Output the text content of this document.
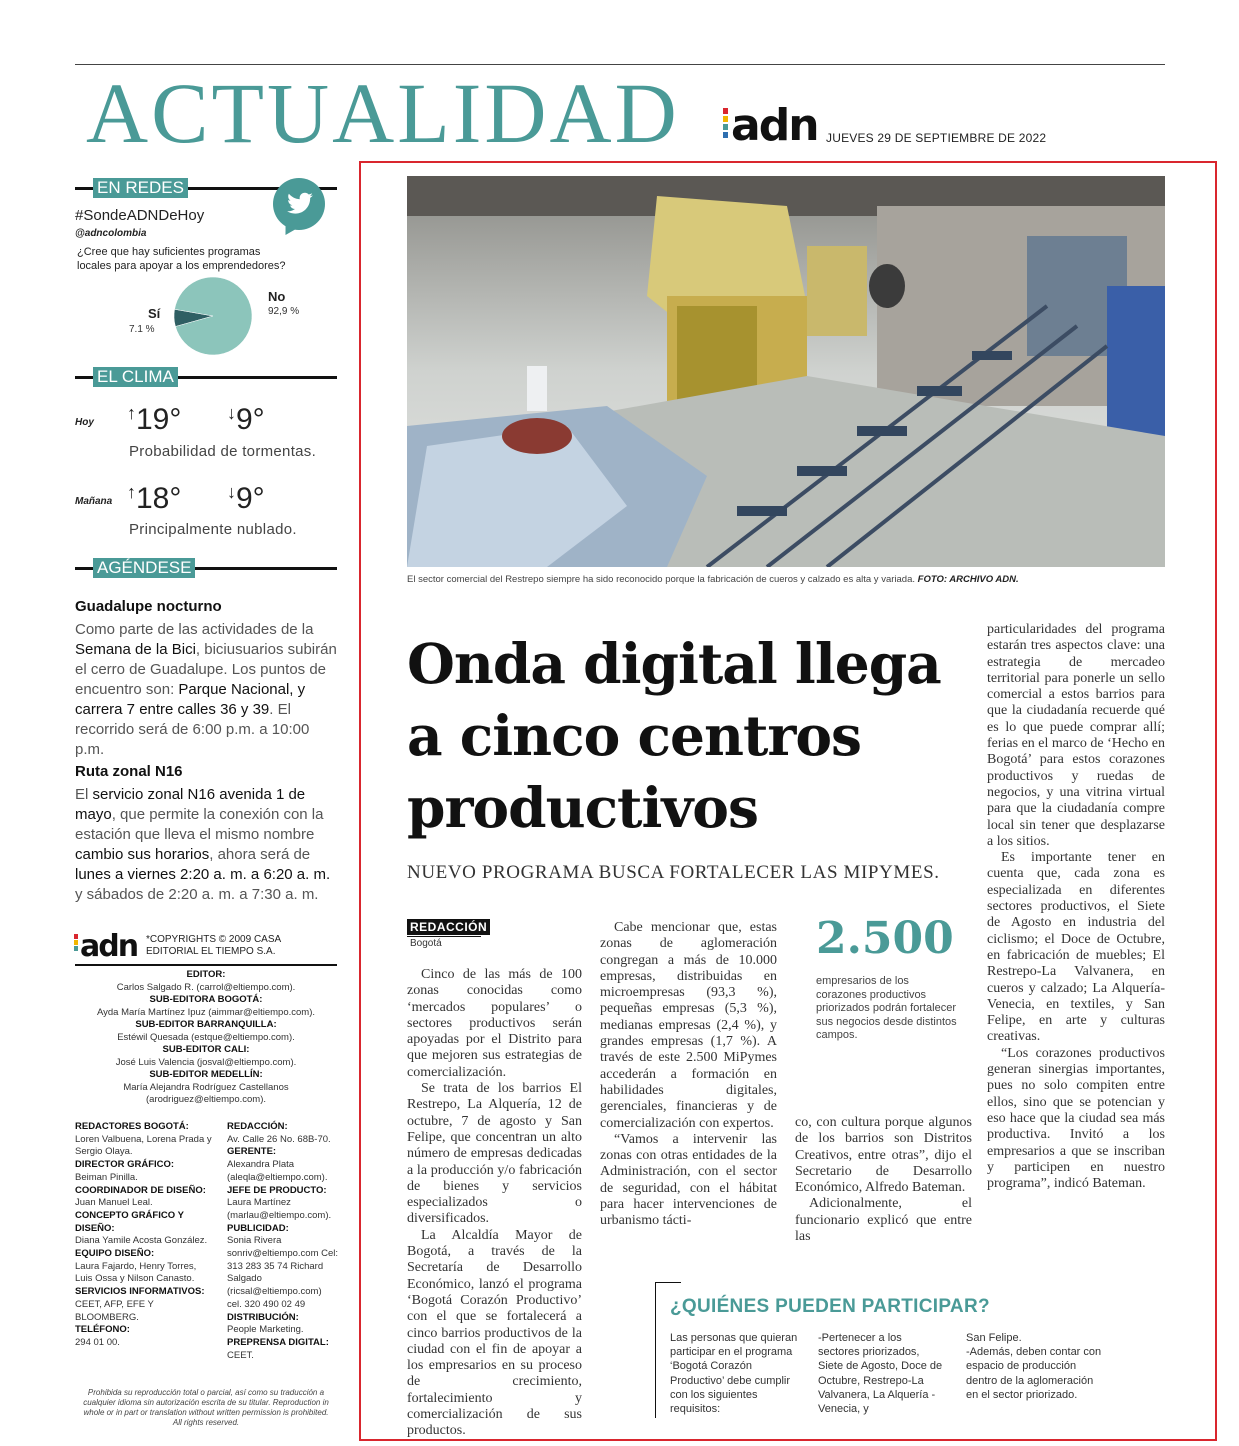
ACTUALIDAD adn JUEVES 29 DE SEPTIEMBRE DE 2022
EN REDES
#SondeADNDeHoy
@adncolombia
¿Cree que hay suficientes programas locales para apoyar a los emprendedores?
Sí
7.1 %
No
92,9 %
EL CLIMA
Hoy ↑19°	↓9°
Probabilidad de tormentas.
Mañana ↑18°	↓9°
Principalmente nublado.
AGÉNDESE
Guadalupe nocturno
Como parte de las actividades de la Semana de la Bici, biciusuarios subirán el cerro de Guadalupe. Los puntos de encuentro son: Parque Nacional, y carrera 7 entre calles 36 y 39. El recorrido será de 6:00 p.m. a 10:00 p.m.
Ruta zonal N16
El servicio zonal N16 avenida 1 de mayo, que permite la conexión con la estación que lleva el mismo nombre cambio sus horarios, ahora será de lunes a viernes 2:20 a. m. a 6:20 a. m. y sábados de 2:20 a. m. a 7:30 a. m.
adn *COPYRIGHTS © 2009 CASA EDITORIAL EL TIEMPO S.A.
EDITOR:
Carlos Salgado R. (carrol@eltiempo.com).
SUB-EDITORA BOGOTÁ:
Ayda María Martínez Ipuz (aimmar@eltiempo.com).
SUB-EDITOR BARRANQUILLA:
Estéwil Quesada (estque@eltiempo.com).
SUB-EDITOR CALI:
José Luis Valencia (josval@eltiempo.com).
SUB-EDITOR MEDELLÍN:
María Alejandra Rodríguez Castellanos (arodriguez@eltiempo.com).
REDACTORES BOGOTÁ:
Loren Valbuena, Lorena Prada y Sergio Olaya.
DIRECTOR GRÁFICO:
Beiman Pinilla.
COORDINADOR DE DISEÑO:
Juan Manuel Leal.
CONCEPTO GRÁFICO Y DISEÑO:
Diana Yamile Acosta González.
EQUIPO DISEÑO:
Laura Fajardo, Henry Torres, Luis Ossa y Nilson Canasto.
SERVICIOS INFORMATIVOS:
CEET, AFP, EFE Y BLOOMBERG.
TELÉFONO:
294 01 00.
REDACCIÓN:
Av. Calle 26 No. 68B-70.
GERENTE:
Alexandra Plata (aleqla@eltiempo.com).
JEFE DE PRODUCTO:
Laura Martínez (marlau@eltiempo.com).
PUBLICIDAD:
Sonia Rivera sonriv@eltiempo.com Cel: 313 283 35 74 Richard Salgado (ricsal@eltiempo.com) cel. 320 490 02 49
DISTRIBUCIÓN:
People Marketing.
PREPRENSA DIGITAL:
CEET.
Prohibida su reproducción total o parcial, así como su traducción a cualquier idioma sin autorización escrita de su titular. Reproduction in whole or in part or translation without written permission is prohibited. All rights reserved.
El sector comercial del Restrepo siempre ha sido reconocido porque la fabricación de cueros y calzado es alta y variada. FOTO: ARCHIVO ADN.
Onda digital llega a cinco centros productivos
NUEVO PROGRAMA BUSCA FORTALECER LAS MIPYMES.
REDACCIÓN
Bogotá

Cinco de las más de 100 zonas conocidas como ‘mercados populares’ o sectores productivos serán apoyadas por el Distrito para que mejoren sus estrategias de comercialización.

Se trata de los barrios El Restrepo, La Alquería, 12 de octubre, 7 de agosto y San Felipe, que concentran un alto número de empresas dedicadas a la producción y/o fabricación de bienes y servicios especializados o diversificados.

La Alcaldía Mayor de Bogotá, a través de la Secretaría de Desarrollo Económico, lanzó el programa ‘Bogotá Corazón Productivo’ con el que se fortalecerá a cinco barrios productivos de la ciudad con el fin de apoyar a los empresarios en su proceso de crecimiento, fortalecimiento y comercialización de sus productos.

Cabe mencionar que, estas zonas de aglomeración congregan a más de 10.000 empresas, distribuidas en microempresas (93,3 %), pequeñas empresas (5,3 %), medianas empresas (2,4 %), y grandes empresas (1,7 %). A través de este 2.500 MiPymes accederán a formación en habilidades digitales, gerenciales, financieras y de comercialización con expertos.

“Vamos a intervenir las zonas con otras entidades de la Administración, con el sector de seguridad, con el hábitat para hacer intervenciones de urbanismo tácti-

co, con cultura porque algunos de los barrios son Distritos Creativos, entre otras”, dijo el Secretario de Desarrollo Económico, Alfredo Bateman.

Adicionalmente, el funcionario explicó que entre las

particularidades del programa estarán tres aspectos clave: una estrategia de mercadeo territorial para ponerle un sello comercial a estos barrios para que la ciudadanía recuerde qué es lo que puede comprar allí; ferias en el marco de ‘Hecho en Bogotá’ para estos corazones productivos y ruedas de negocios, y una vitrina virtual para que la ciudadanía compre local sin tener que desplazarse a los sitios.

Es importante tener en cuenta que, cada zona es especializada en diferentes sectores productivos, el Siete de Agosto en industria del ciclismo; el Doce de Octubre, en fabricación de muebles; El Restrepo-La Valvanera, en cueros y calzado; La Alquería-Venecia, en textiles, y San Felipe, en arte y culturas creativas.

“Los corazones productivos generan sinergias importantes, pues no solo compiten entre ellos, sino que se potencian y eso hace que la ciudad sea más productiva. Invitó a los empresarios a que se inscriban y participen en nuestro programa”, indicó Bateman.

2.500
empresarios de los corazones productivos priorizados podrán fortalecer sus negocios desde distintos campos.
¿QUIÉNES PUEDEN PARTICIPAR?
Las personas que quieran participar en el programa ‘Bogotá Corazón Productivo’ debe cumplir con los siguientes requisitos:
-Pertenecer a los sectores priorizados, Siete de Agosto, Doce de Octubre, Restrepo-La Valvanera, La Alquería - Venecia, y
San Felipe.
-Además, deben contar con espacio de producción dentro de la aglomeración en el sector priorizado.
